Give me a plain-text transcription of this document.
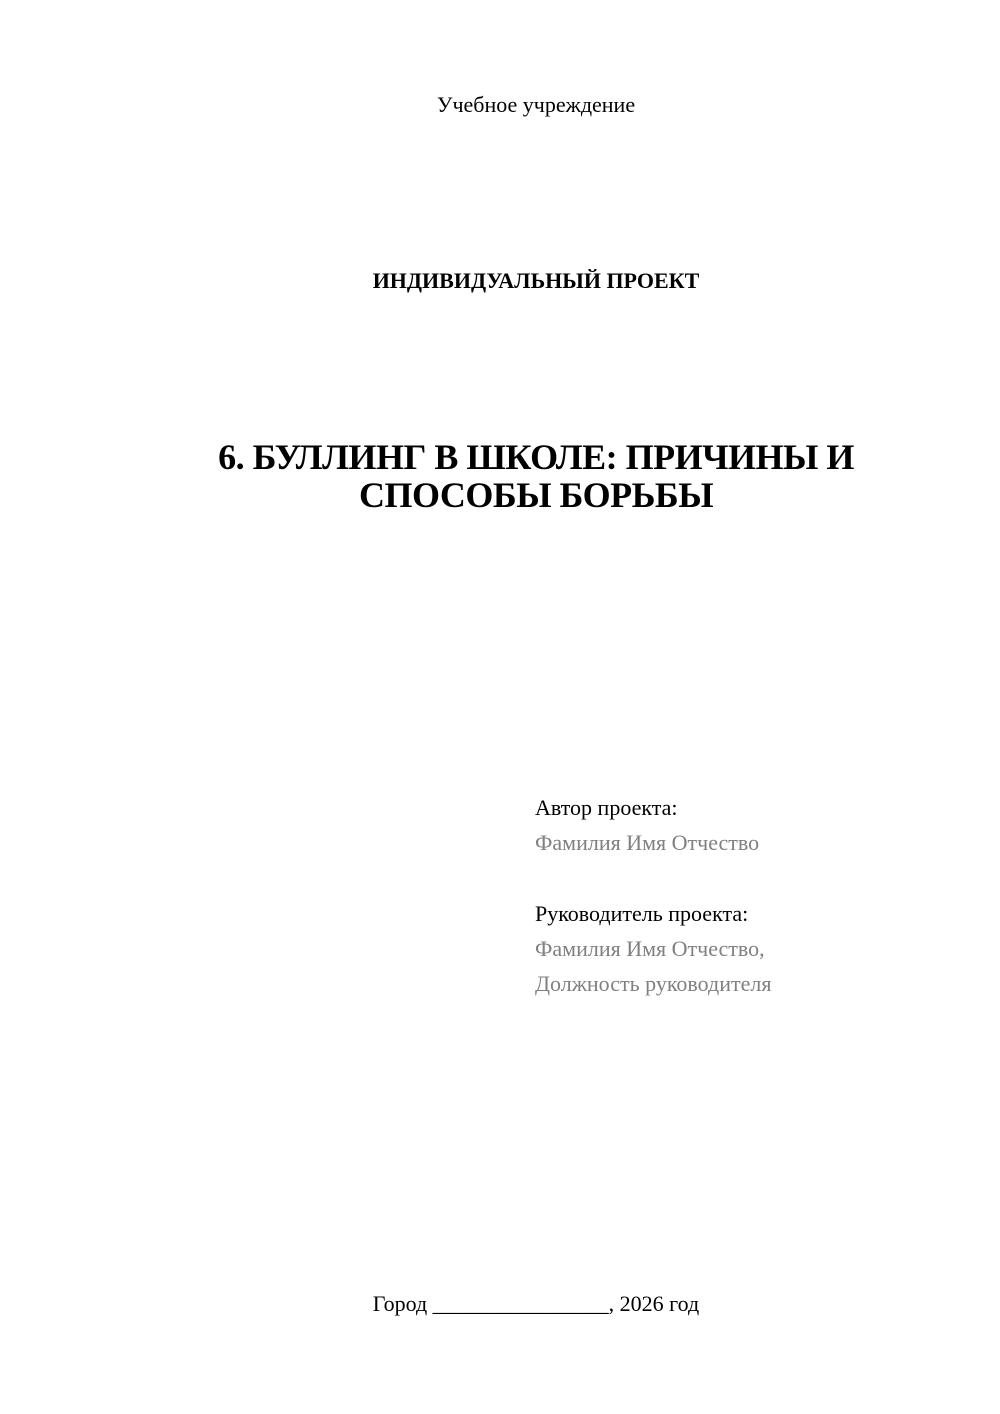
Учебное учреждение
ИНДИВИДУАЛЬНЫЙ ПРОЕКТ
6. БУЛЛИНГ В ШКОЛЕ: ПРИЧИНЫ И
СПОСОБЫ БОРЬБЫ
Автор проекта:
Фамилия Имя Отчество
Руководитель проекта:
Фамилия Имя Отчество,
Должность руководителя
Город ________________, 2026 год
